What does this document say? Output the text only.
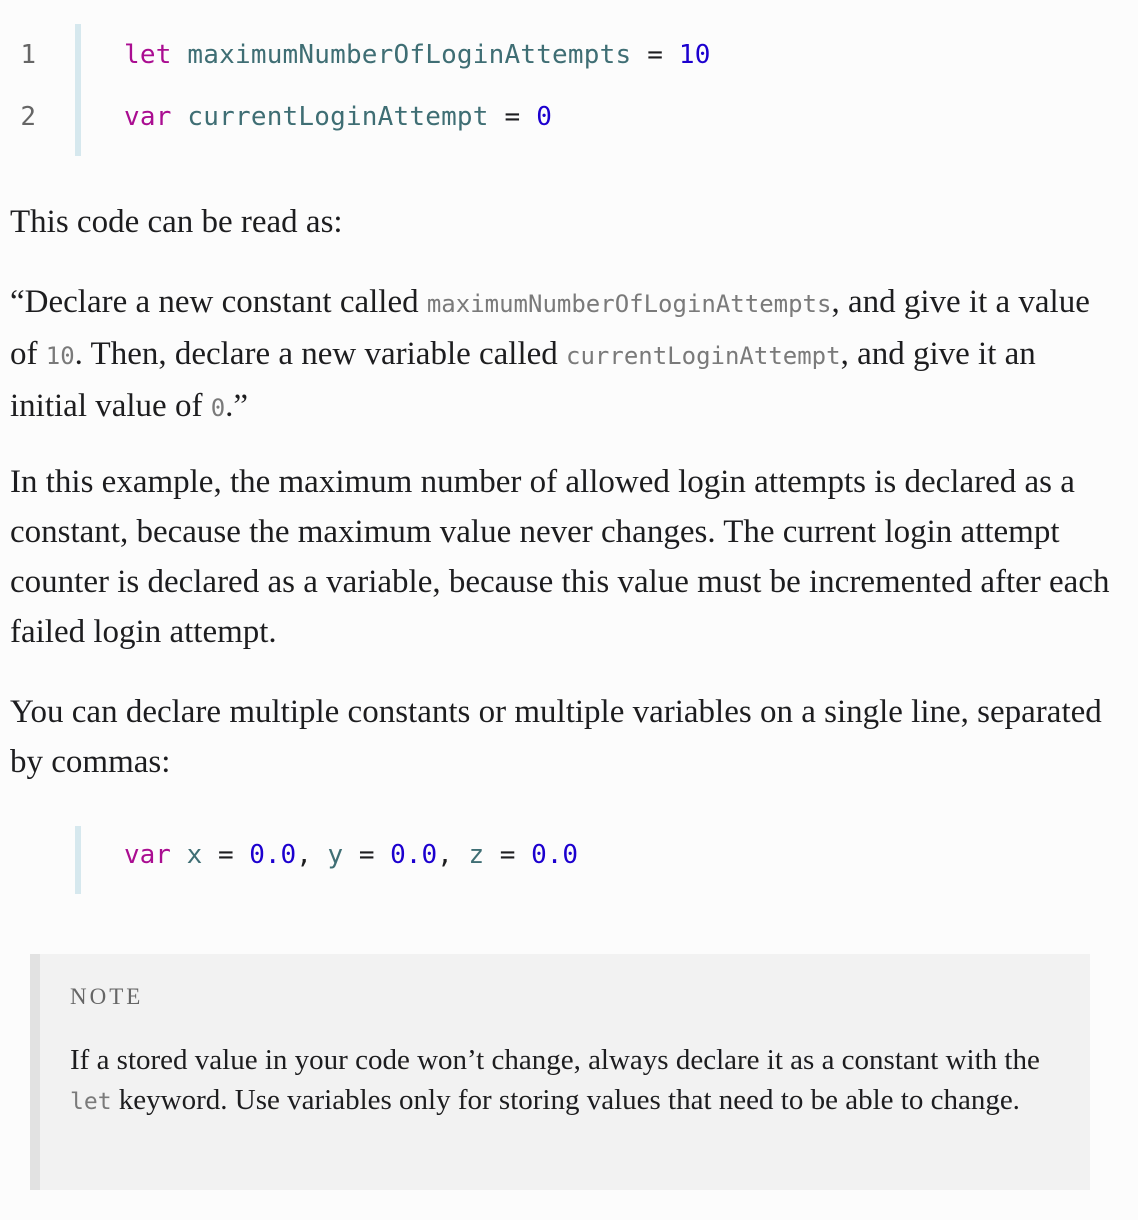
1
2
let maximumNumberOfLoginAttempts = 10
var currentLoginAttempt = 0

This code can be read as:

“Declare a new constant called maximumNumberOfLoginAttempts, and give it a value of 10. Then, declare a new variable called currentLoginAttempt, and give it an initial value of 0.”

In this example, the maximum number of allowed login attempts is declared as a constant, because the maximum value never changes. The current login attempt counter is declared as a variable, because this value must be incremented after each failed login attempt.

You can declare multiple constants or multiple variables on a single line, separated by commas:

var x = 0.0, y = 0.0, z = 0.0
NOTE

If a stored value in your code won’t change, always declare it as a constant with the let keyword. Use variables only for storing values that need to be able to change.
